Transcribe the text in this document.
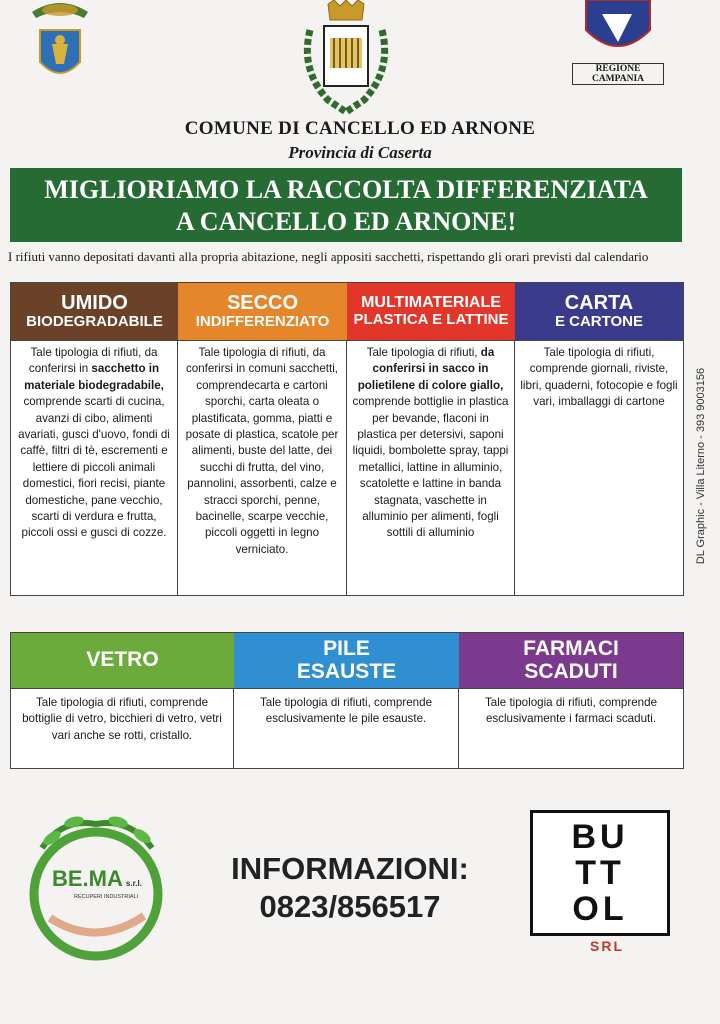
REGIONE CAMPANIA
COMUNE DI CANCELLO ED ARNONE
Provincia di Caserta
MIGLIORIAMO LA RACCOLTA DIFFERENZIATA
A CANCELLO ED ARNONE!
I rifiuti vanno depositati davanti alla propria abitazione, negli appositi sacchetti, rispettando gli orari previsti dal calendario
UMIDO
BIODEGRADABILE
SECCO
INDIFFERENZIATO
MULTIMATERIALE
PLASTICA E LATTINE
CARTA
E CARTONE
Tale tipologia di rifiuti, da conferirsi in sacchetto in materiale biodegradabile, comprende scarti di cucina, avanzi di cibo, alimenti avariati, gusci d'uovo, fondi di caffè, filtri di tè, escrementi e lettiere di piccoli animali domestici, fiori recisi, piante domestiche, pane vecchio, scarti di verdura e frutta, piccoli ossi e gusci di cozze.
Tale tipologia di rifiuti, da conferirsi in comuni sacchetti, comprendecarta e cartoni sporchi, carta oleata o plastificata, gomma, piatti e posate di plastica, scatole per alimenti, buste del latte, dei succhi di frutta, del vino, pannolini, assorbenti, calze e stracci sporchi, penne, bacinelle, scarpe vecchie, piccoli oggetti in legno verniciato.
Tale tipologia di rifiuti, da conferirsi in sacco in polietilene di colore giallo, comprende bottiglie in plastica per bevande, flaconi in plastica per detersivi, saponi liquidi, bombolette spray, tappi metallici, lattine in alluminio, scatolette e lattine in banda stagnata, vaschette in alluminio per alimenti, fogli sottili di alluminio
Tale tipologia di rifiuti, comprende giornali, riviste, libri, quaderni, fotocopie e fogli vari, imballaggi di cartone	DL Graphic - Villa Literno - 393 9003156
VETRO	PILE
ESAUSTE
FARMACI
SCADUTI
Tale tipologia di rifiuti, comprende bottiglie di vetro, bicchieri di vetro, vetri vari anche se rotti, cristallo.
Tale tipologia di rifiuti, comprende esclusivamente le pile esauste.
Tale tipologia di rifiuti, comprende esclusivamente i farmaci scaduti.
BE.MA s.r.l.
RECUPERI INDUSTRIALI
INFORMAZIONI:
0823/856517
BU
TT
OL
SRL
